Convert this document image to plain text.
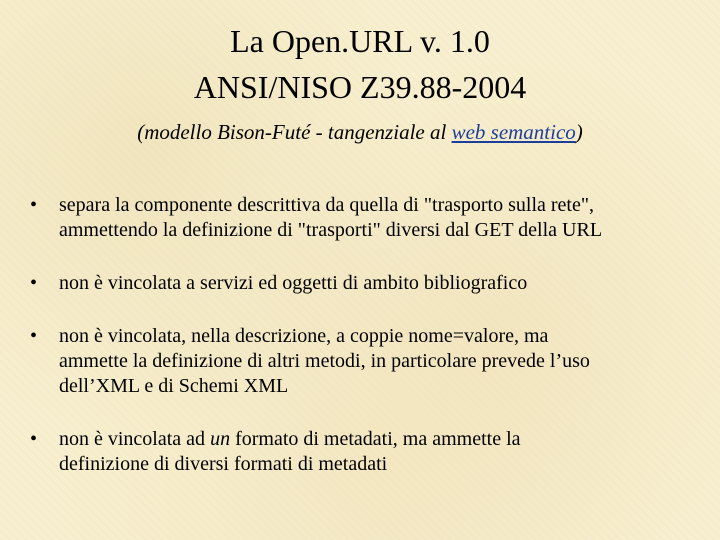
La Open.URL v. 1.0
ANSI/NISO Z39.88-2004
(modello Bison-Futé - tangenziale al web semantico)
• separa la componente descrittiva da quella di "trasporto sulla rete",
ammettendo la definizione di "trasporti" diversi dal GET della URL
• non è vincolata a servizi ed oggetti di ambito bibliografico
• non è vincolata, nella descrizione, a coppie nome=valore, ma
ammette la definizione di altri metodi, in particolare prevede l’uso
dell’XML e di Schemi XML
• non è vincolata ad un formato di metadati, ma ammette la
definizione di diversi formati di metadati
